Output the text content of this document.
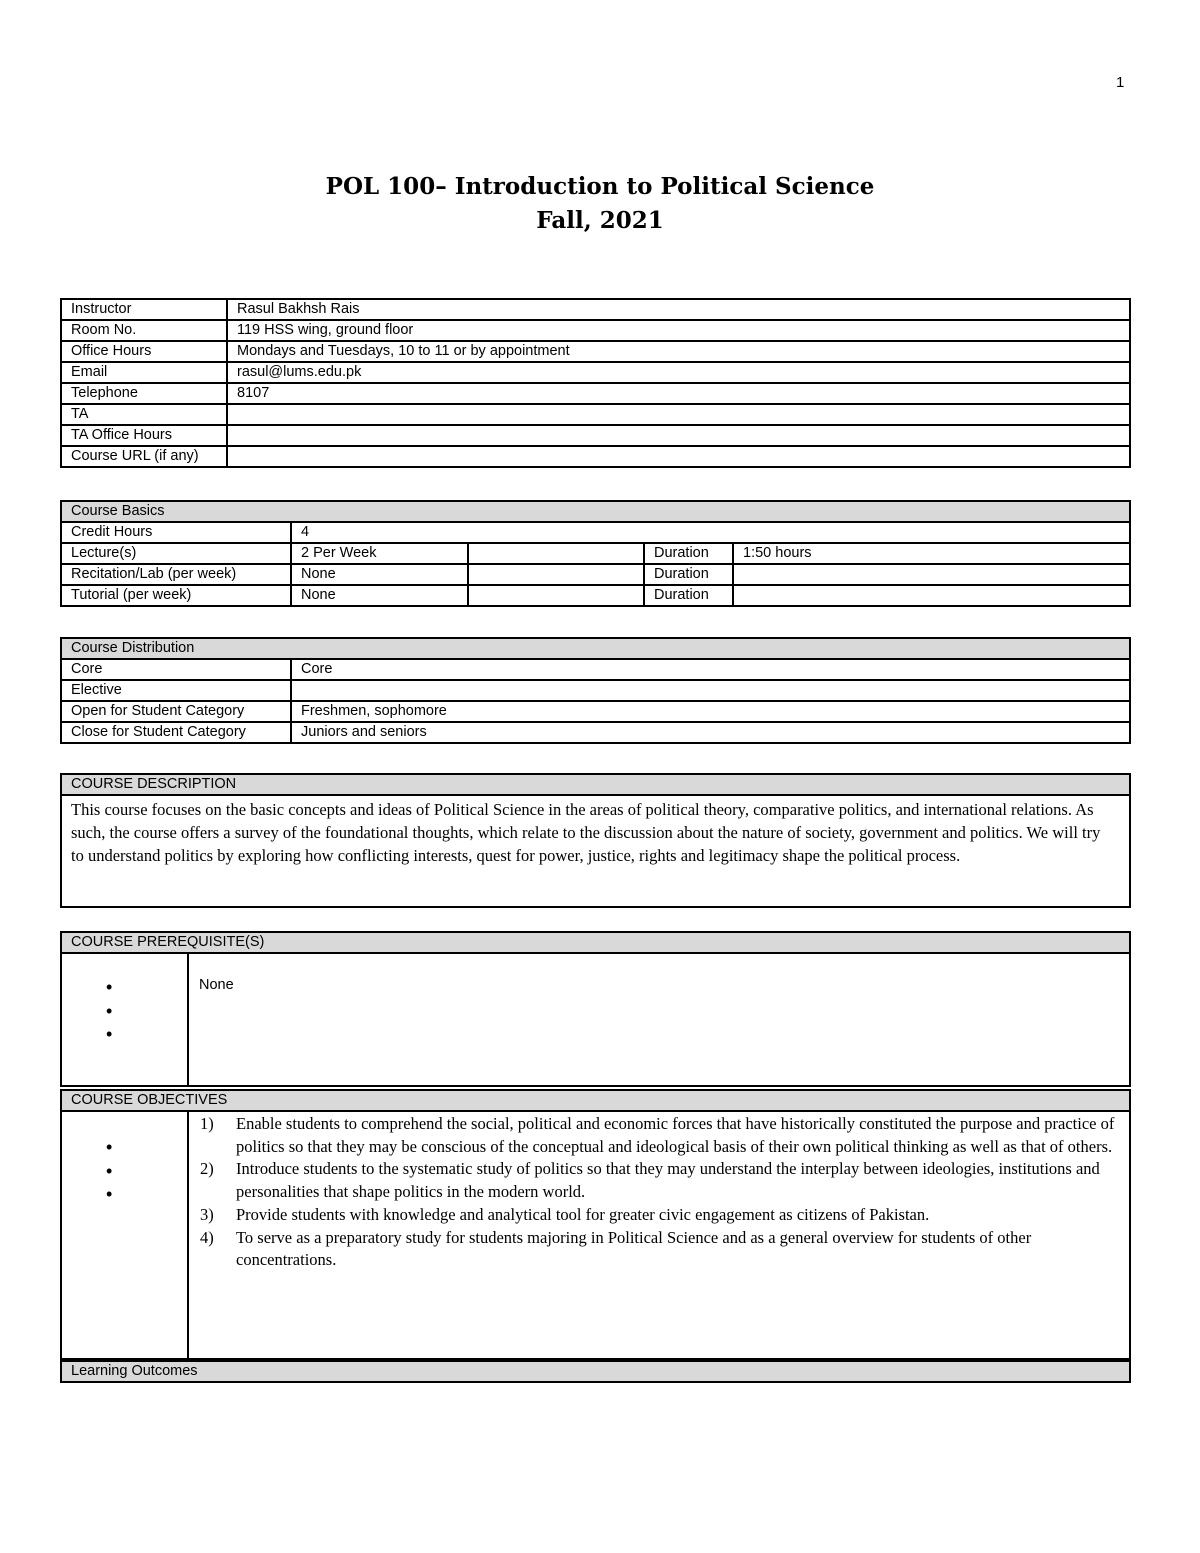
1
POL 100– Introduction to Political Science
Fall, 2021
Instructor	Rasul Bakhsh Rais
Room No.	119 HSS wing, ground floor
Office Hours	Mondays and Tuesdays, 10 to 11 or by appointment
Email	rasul@lums.edu.pk
Telephone	8107
TA	
TA Office Hours	
Course URL (if any)	
Course Basics				
Credit Hours	4			
Lecture(s)	2 Per Week		Duration	1:50 hours
Recitation/Lab (per week)	None		Duration	
Tutorial (per week)	None		Duration	
Course Distribution	
Core	Core
Elective	
Open for Student Category	Freshmen, sophomore
Close for Student Category	Juniors and seniors
COURSE DESCRIPTION
This course focuses on the basic concepts and ideas of Political Science in the areas of political theory, comparative politics, and international relations. As such, the course offers a survey of the foundational thoughts, which relate to the discussion about the nature of society, government and politics. We will try to understand politics by exploring how conflicting interests, quest for power, justice, rights and legitimacy shape the political process.
COURSE PREREQUISITE(S)

•
•
•
	None
COURSE OBJECTIVES

•
•
•

1)	Enable students to comprehend the social, political and economic forces that have historically constituted the purpose and practice of politics so that they may be conscious of the conceptual and ideological basis of their own political thinking as well as that of others.
2)	Introduce students to the systematic study of politics so that they may understand the interplay between ideologies, institutions and personalities that shape politics in the modern world.
3)	Provide students with knowledge and analytical tool for greater civic engagement as citizens of Pakistan.
4)	To serve as a preparatory study for students majoring in Political Science and as a general overview for students of other concentrations.
Learning Outcomes
